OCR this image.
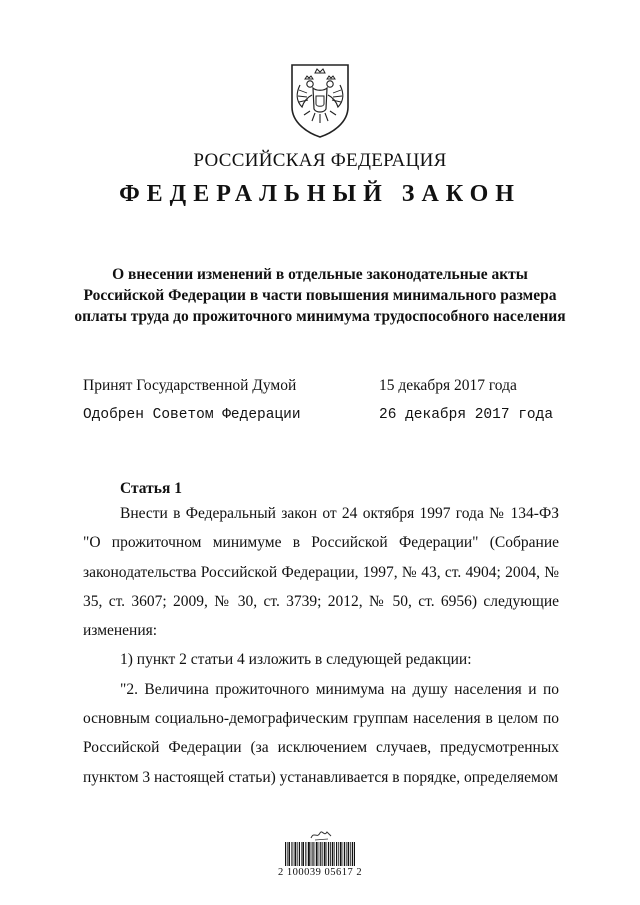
РОССИЙСКАЯ ФЕДЕРАЦИЯ
ФЕДЕРАЛЬНЫЙ ЗАКОН
О внесении изменений в отдельные законодательные акты
Российской Федерации в части повышения минимального размера
оплаты труда до прожиточного минимума трудоспособного населения
Принят Государственной Думой	15 декабря 2017 года
Одобрен Советом Федерации	26 декабря 2017 года
Статья 1

Внести в Федеральный закон от 24 октября 1997 года № 134-ФЗ "О прожиточном минимуме в Российской Федерации" (Собрание законодательства Российской Федерации, 1997, № 43, ст. 4904; 2004, № 35, ст. 3607; 2009, № 30, ст. 3739; 2012, № 50, ст. 6956) следующие изменения:

1) пункт 2 статьи 4 изложить в следующей редакции:

"2. Величина прожиточного минимума на душу населения и по основным социально-демографическим группам населения в целом по Российской Федерации (за исключением случаев, предусмотренных пунктом 3 настоящей статьи) устанавливается в порядке, определяемом

2 100039 05617 2
